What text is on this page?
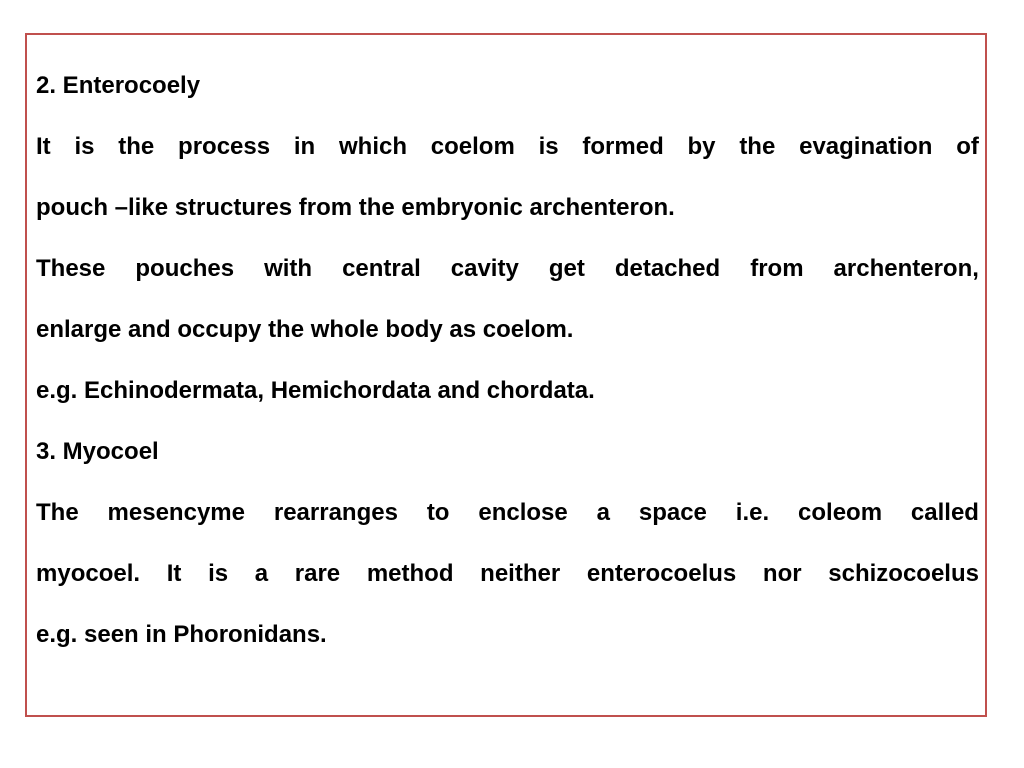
2. Enterocoely
It is the process in which coelom is formed by the evagination of
pouch –like structures from the embryonic archenteron.
These pouches with central cavity get detached from archenteron,
enlarge and occupy the whole body as coelom.
e.g. Echinodermata, Hemichordata and chordata.
3. Myocoel
The mesencyme rearranges to enclose a space i.e. coleom called
myocoel. It is a rare method neither enterocoelus nor schizocoelus
e.g. seen in Phoronidans.
